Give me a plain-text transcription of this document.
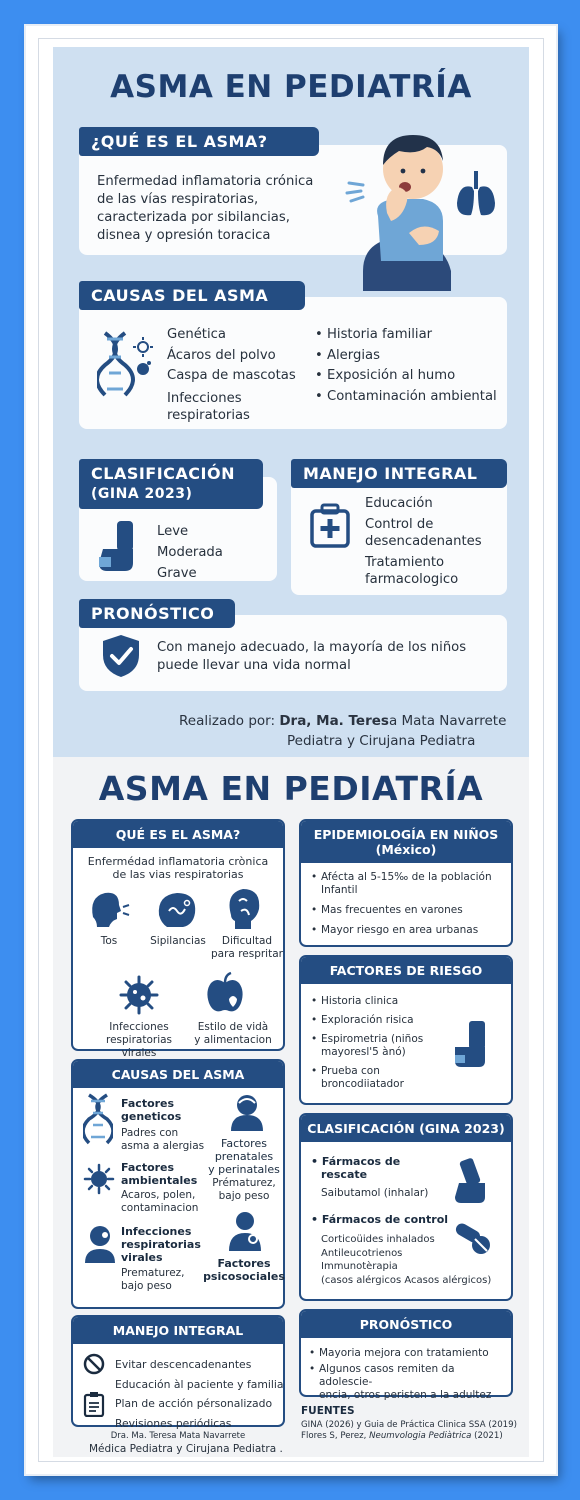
ASMA EN PEDIATRÍA
¿QUÉ ES EL ASMA?
Enfermedad inflamatoria crónica
de las vías respiratorias,
caracterizada por sibilancias,
disnea y opresión toracica
CAUSAS DEL ASMA
Genética
Ácaros del polvo
Caspa de mascotas
Infecciones
respiratorias
• Historia familiar
• Alergias
• Exposición al humo
• Contaminación ambiental
CLASIFICACIÓN
(GINA 2023)
Leve
Moderada
Grave
MANEJO INTEGRAL
Educación
Control de
desencadenantes
Tratamiento
farmacologico
PRONÓSTICO
Con manejo adecuado, la mayoría de los niños
puede llevar una vida normal
Realizado por: Dra, Ma. Teresa Mata Navarrete
Pediatra y Cirujana Pediatra
ASMA EN PEDIATRÍA
QUÉ ES EL ASMA?
Enfermédad inflamatoria crònica
de las vias respiratorias
Tos	Sipilancias	Dificultad
para respritar
Infecciones
respiratorias
virales
Estilo de vidà
y alimentacion
EPIDEMIOLOGÍA EN NIÑOS
(México)
• Afécta al 5-15‰ de la población
Infantil
• Mas frecuentes en varones
• Mayor riesgo en area urbanas
FACTORES DE RIESGO
• Historia clinica
• Exploración risica
• Espirometria (niños
mayoresl'5 ànó)
• Prueba con
broncodiiatador
CAUSAS DEL ASMA
Factores
geneticos
Padres con
asma a alergias	Factores
prenatales
y perinatales
Prématurez,
bajo peso
Factores
ambientales
Acaros, polen,
contaminacion
Infecciones
respiratorias
virales
Prematurez,
bajo peso
Factores
psicosociales
CLASIFICACIÓN (GINA 2023)
• Fármacos de
rescate
Saibutamol (inhalar)
• Fármacos de control
Corticoüides inhalados
Antileucotrienos
Immunotèrapia
(casos alérgicos Acasos alérgicos)
MANEJO INTEGRAL
Evitar descencadenantes
Educación àl paciente y familia
Plan de acción pérsonalizado
Revisiones periódicas
PRONÓSTICO
• Mayoria mejora con tratamiento
• Algunos casos remiten da adolescie-
encia, otros peristen a la adultez
FUENTES
GINA (2026) y Guia de Práctica Clinica SSA (2019)
Flores S, Perez, Neumvologia Pediàtrica (2021)
Dra. Ma. Teresa Mata Navarrete
Médica Pediatra y Cirujana Pediatra .
